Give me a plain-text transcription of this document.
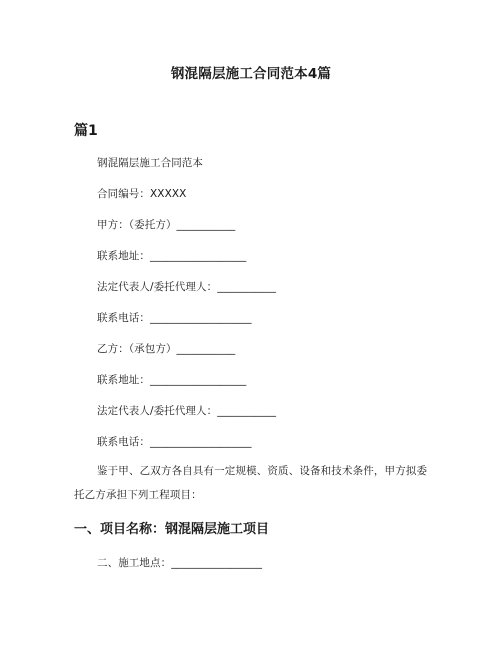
钢混隔层施工合同范本4篇
篇1
钢混隔层施工合同范本
合同编号：XXXXX
甲方：（委托方）___________
联系地址：__________________
法定代表人/委托代理人：___________
联系电话：___________________
乙方：（承包方）___________
联系地址：__________________
法定代表人/委托代理人：___________
联系电话：___________________
鉴于甲、乙双方各自具有一定规模、资质、设备和技术条件，甲方拟委托乙方承担下列工程项目：
一、项目名称：钢混隔层施工项目
二、施工地点：_________________
